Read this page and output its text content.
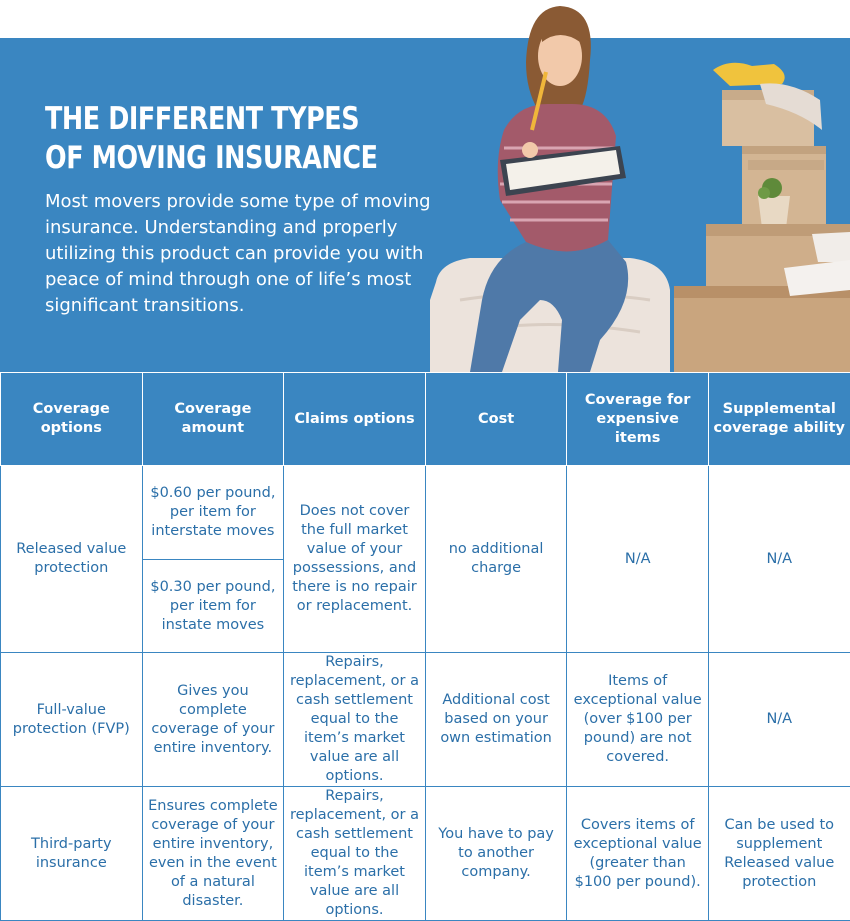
THE DIFFERENT TYPES OF MOVING INSURANCE

Most movers provide some type of moving insurance. Understanding and properly utilizing this product can provide you with peace of mind through one of life’s most significant transitions.

Coverage options	Coverage amount	Claims options	Cost	Coverage for expensive items	Supplemental coverage ability
Released value protection	$0.60 per pound, per item for interstate moves	Does not cover the full market value of your possessions, and there is no repair or replacement.	no additional charge	N/A	N/A
	$0.30 per pound, per item for instate moves				
Full-value protection (FVP)	Gives you complete coverage of your entire inventory.	Repairs, replacement, or a cash settlement equal to the item’s market value are all options.	Additional cost based on your own estimation	Items of exceptional value (over $100 per pound) are not covered.	N/A
Third-party insurance	Ensures complete coverage of your entire inventory, even in the event of a natural disaster.	Repairs, replacement, or a cash settlement equal to the item’s market value are all options.	You have to pay to another company.	Covers items of exceptional value (greater than $100 per pound).	Can be used to supplement Released value protection
